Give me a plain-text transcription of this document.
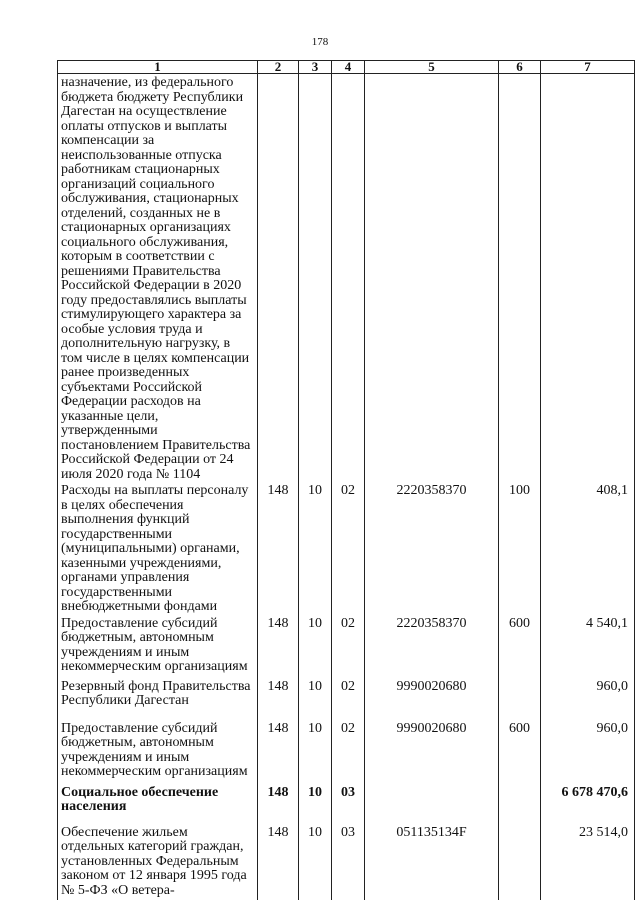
178
1	2	3	4	5	6	7
назначение, из федерального бюджета бюджету Республики Дагестан на осуществление оплаты отпусков и выплаты компенсации за неиспользованные отпуска работникам стационарных организаций социального обслуживания, стационарных отделений, созданных не в стационарных организациях социального обслуживания, которым в соответствии с решениями Правительства Российской Федерации в 2020 году предоставлялись выплаты стимулирующего характера за особые условия труда и дополнительную нагрузку, в том числе в целях компенсации ранее произведенных субъектами Российской Федерации расходов на указанные цели, утвержденными постановлением Правительства Российской Федерации от 24 июля 2020 года № 1104						
Расходы на выплаты персоналу в целях обеспечения выполнения функций государственными (муниципальными) органами, казенными учреждениями, органами управления государственными внебюджетными фондами	148	10	02	2220358370	100	408,1
Предоставление субсидий бюджетным, автономным учреждениям и иным некоммерческим организациям	148	10	02	2220358370	600	4 540,1
Резервный фонд Правительства Республики Дагестан	148	10	02	9990020680		960,0
Предоставление субсидий бюджетным, автономным учреждениям и иным некоммерческим организациям	148	10	02	9990020680	600	960,0
Социальное обеспечение населения	148	10	03			6 678 470,6
Обеспечение жильем отдельных категорий граждан, установленных Федеральным законом от 12 января 1995 года № 5-ФЗ «О ветера-	148	10	03	051135134F		23 514,0
